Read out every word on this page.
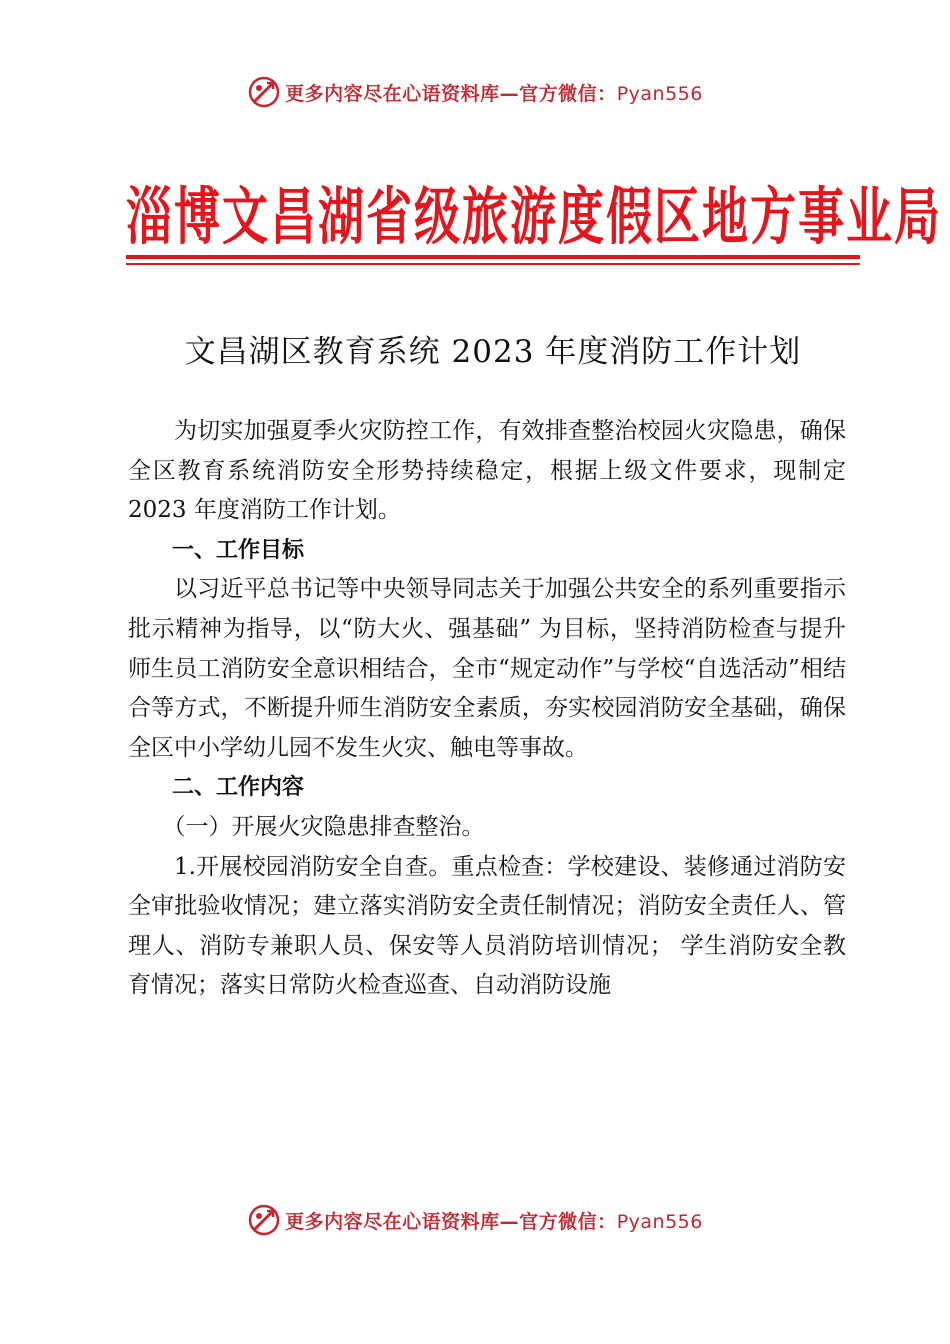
更多内容尽在心语资料库—官方微信：Pyan556
淄博文昌湖省级旅游度假区地方事业局
文昌湖区教育系统 2023 年度消防工作计划

为切实加强夏季火灾防控工作，有效排查整治校园火灾隐患，确保全区教育系统消防安全形势持续稳定，根据上级文件要求，现制定 2023 年度消防工作计划。

一、工作目标

以习近平总书记等中央领导同志关于加强公共安全的系列重要指示批示精神为指导，以“防大火、强基础” 为目标，坚持消防检查与提升师生员工消防安全意识相结合，全市“规定动作”与学校“自选活动”相结合等方式，不断提升师生消防安全素质，夯实校园消防安全基础，确保全区中小学幼儿园不发生火灾、触电等事故。

二、工作内容

（一）开展火灾隐患排查整治。

1.开展校园消防安全自查。重点检查：学校建设、装修通过消防安全审批验收情况；建立落实消防安全责任制情况；消防安全责任人、管理人、消防专兼职人员、保安等人员消防培训情况； 学生消防安全教育情况；落实日常防火检查巡查、自动消防设施

更多内容尽在心语资料库—官方微信：Pyan556
